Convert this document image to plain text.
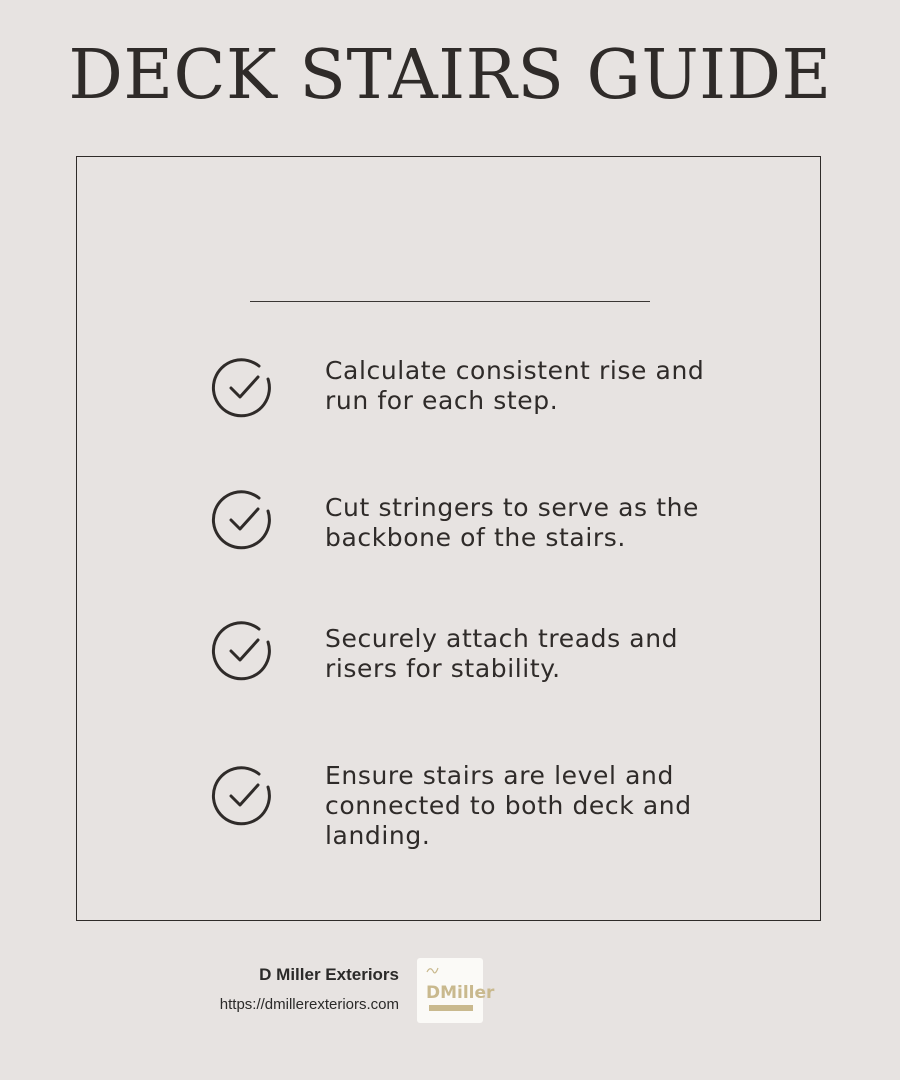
DECK STAIRS GUIDE
Calculate consistent rise and run for each step.
Cut stringers to serve as the backbone of the stairs.
Securely attach treads and risers for stability.
Ensure stairs are level and connected to both deck and landing.
D Miller Exteriors
https://dmillerexteriors.com
DMiller
